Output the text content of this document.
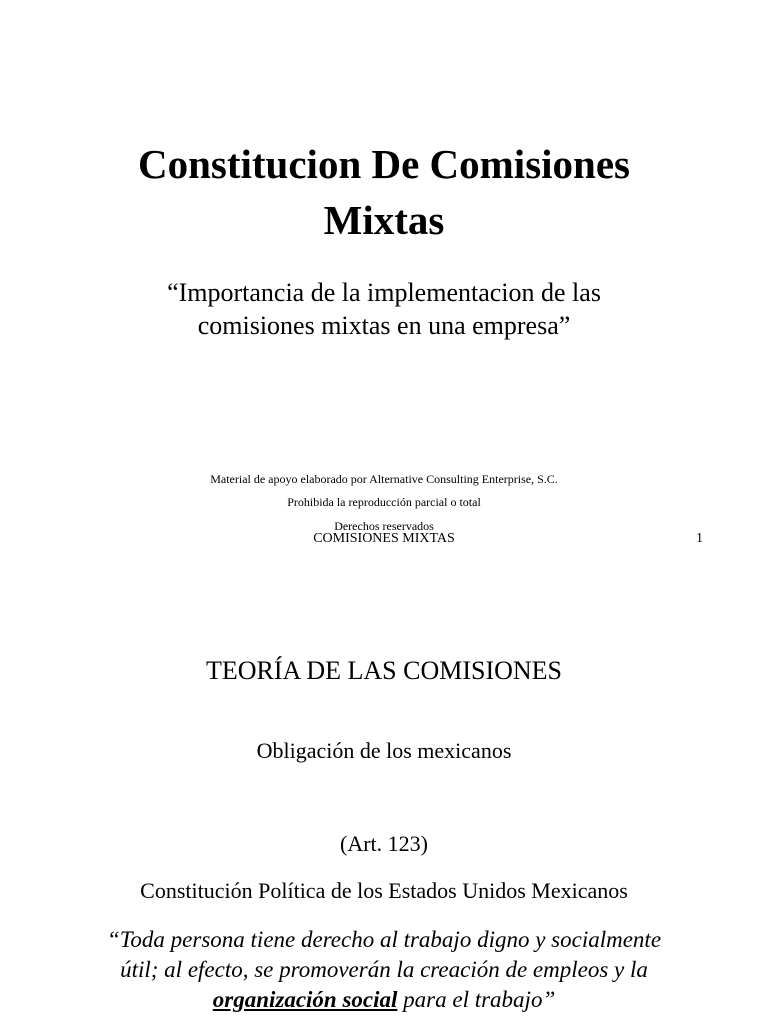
Constitucion De Comisiones
Mixtas
“Importancia de la implementacion de las
comisiones mixtas en una empresa”
Material de apoyo elaborado por Alternative Consulting Enterprise, S.C.
Prohibida la reproducción parcial o total
Derechos reservados
COMISIONES MIXTAS	1
TEORÍA DE LAS COMISIONES
Obligación de los mexicanos
(Art. 123)
Constitución Política de los Estados Unidos Mexicanos
“Toda persona tiene derecho al trabajo digno y socialmente
útil; al efecto, se promoverán la creación de empleos y la
organización social para el trabajo”
